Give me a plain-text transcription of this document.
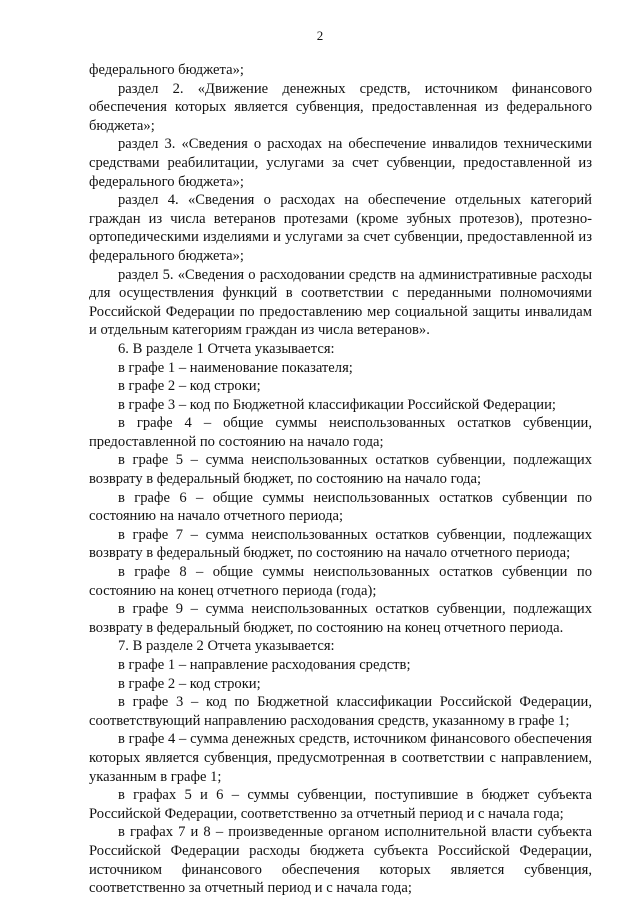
2

федерального бюджета»;

раздел 2. «Движение денежных средств, источником финансового обеспечения которых является субвенция, предоставленная из федерального бюджета»;

раздел 3. «Сведения о расходах на обеспечение инвалидов техническими средствами реабилитации, услугами за счет субвенции, предоставленной из федерального бюджета»;

раздел 4. «Сведения о расходах на обеспечение отдельных категорий граждан из числа ветеранов протезами (кроме зубных протезов), протезно-ортопедическими изделиями и услугами за счет субвенции, предоставленной из федерального бюджета»;

раздел 5. «Сведения о расходовании средств на административные расходы для осуществления функций в соответствии с переданными полномочиями Российской Федерации по предоставлению мер социальной защиты инвалидам и отдельным категориям граждан из числа ветеранов».

6. В разделе 1 Отчета указывается:

в графе 1 – наименование показателя;

в графе 2 – код строки;

в графе 3 – код по Бюджетной классификации Российской Федерации;

в графе 4 – общие суммы неиспользованных остатков субвенции, предоставленной по состоянию на начало года;

в графе 5 – сумма неиспользованных остатков субвенции, подлежащих возврату в федеральный бюджет, по состоянию на начало года;

в графе 6 – общие суммы неиспользованных остатков субвенции по состоянию на начало отчетного периода;

в графе 7 – сумма неиспользованных остатков субвенции, подлежащих возврату в федеральный бюджет, по состоянию на начало отчетного периода;

в графе 8 – общие суммы неиспользованных остатков субвенции по состоянию на конец отчетного периода (года);

в графе 9 – сумма неиспользованных остатков субвенции, подлежащих возврату в федеральный бюджет, по состоянию на конец отчетного периода.

7. В разделе 2 Отчета указывается:

в графе 1 – направление расходования средств;

в графе 2 – код строки;

в графе 3 – код по Бюджетной классификации Российской Федерации, соответствующий направлению расходования средств, указанному в графе 1;

в графе 4 – сумма денежных средств, источником финансового обеспечения которых является субвенция, предусмотренная в соответствии с направлением, указанным в графе 1;

в графах 5 и 6 – суммы субвенции, поступившие в бюджет субъекта Российской Федерации, соответственно за отчетный период и с начала года;

в графах 7 и 8 – произведенные органом исполнительной власти субъекта Российской Федерации расходы бюджета субъекта Российской Федерации, источником финансового обеспечения которых является субвенция, соответственно за отчетный период и с начала года;
